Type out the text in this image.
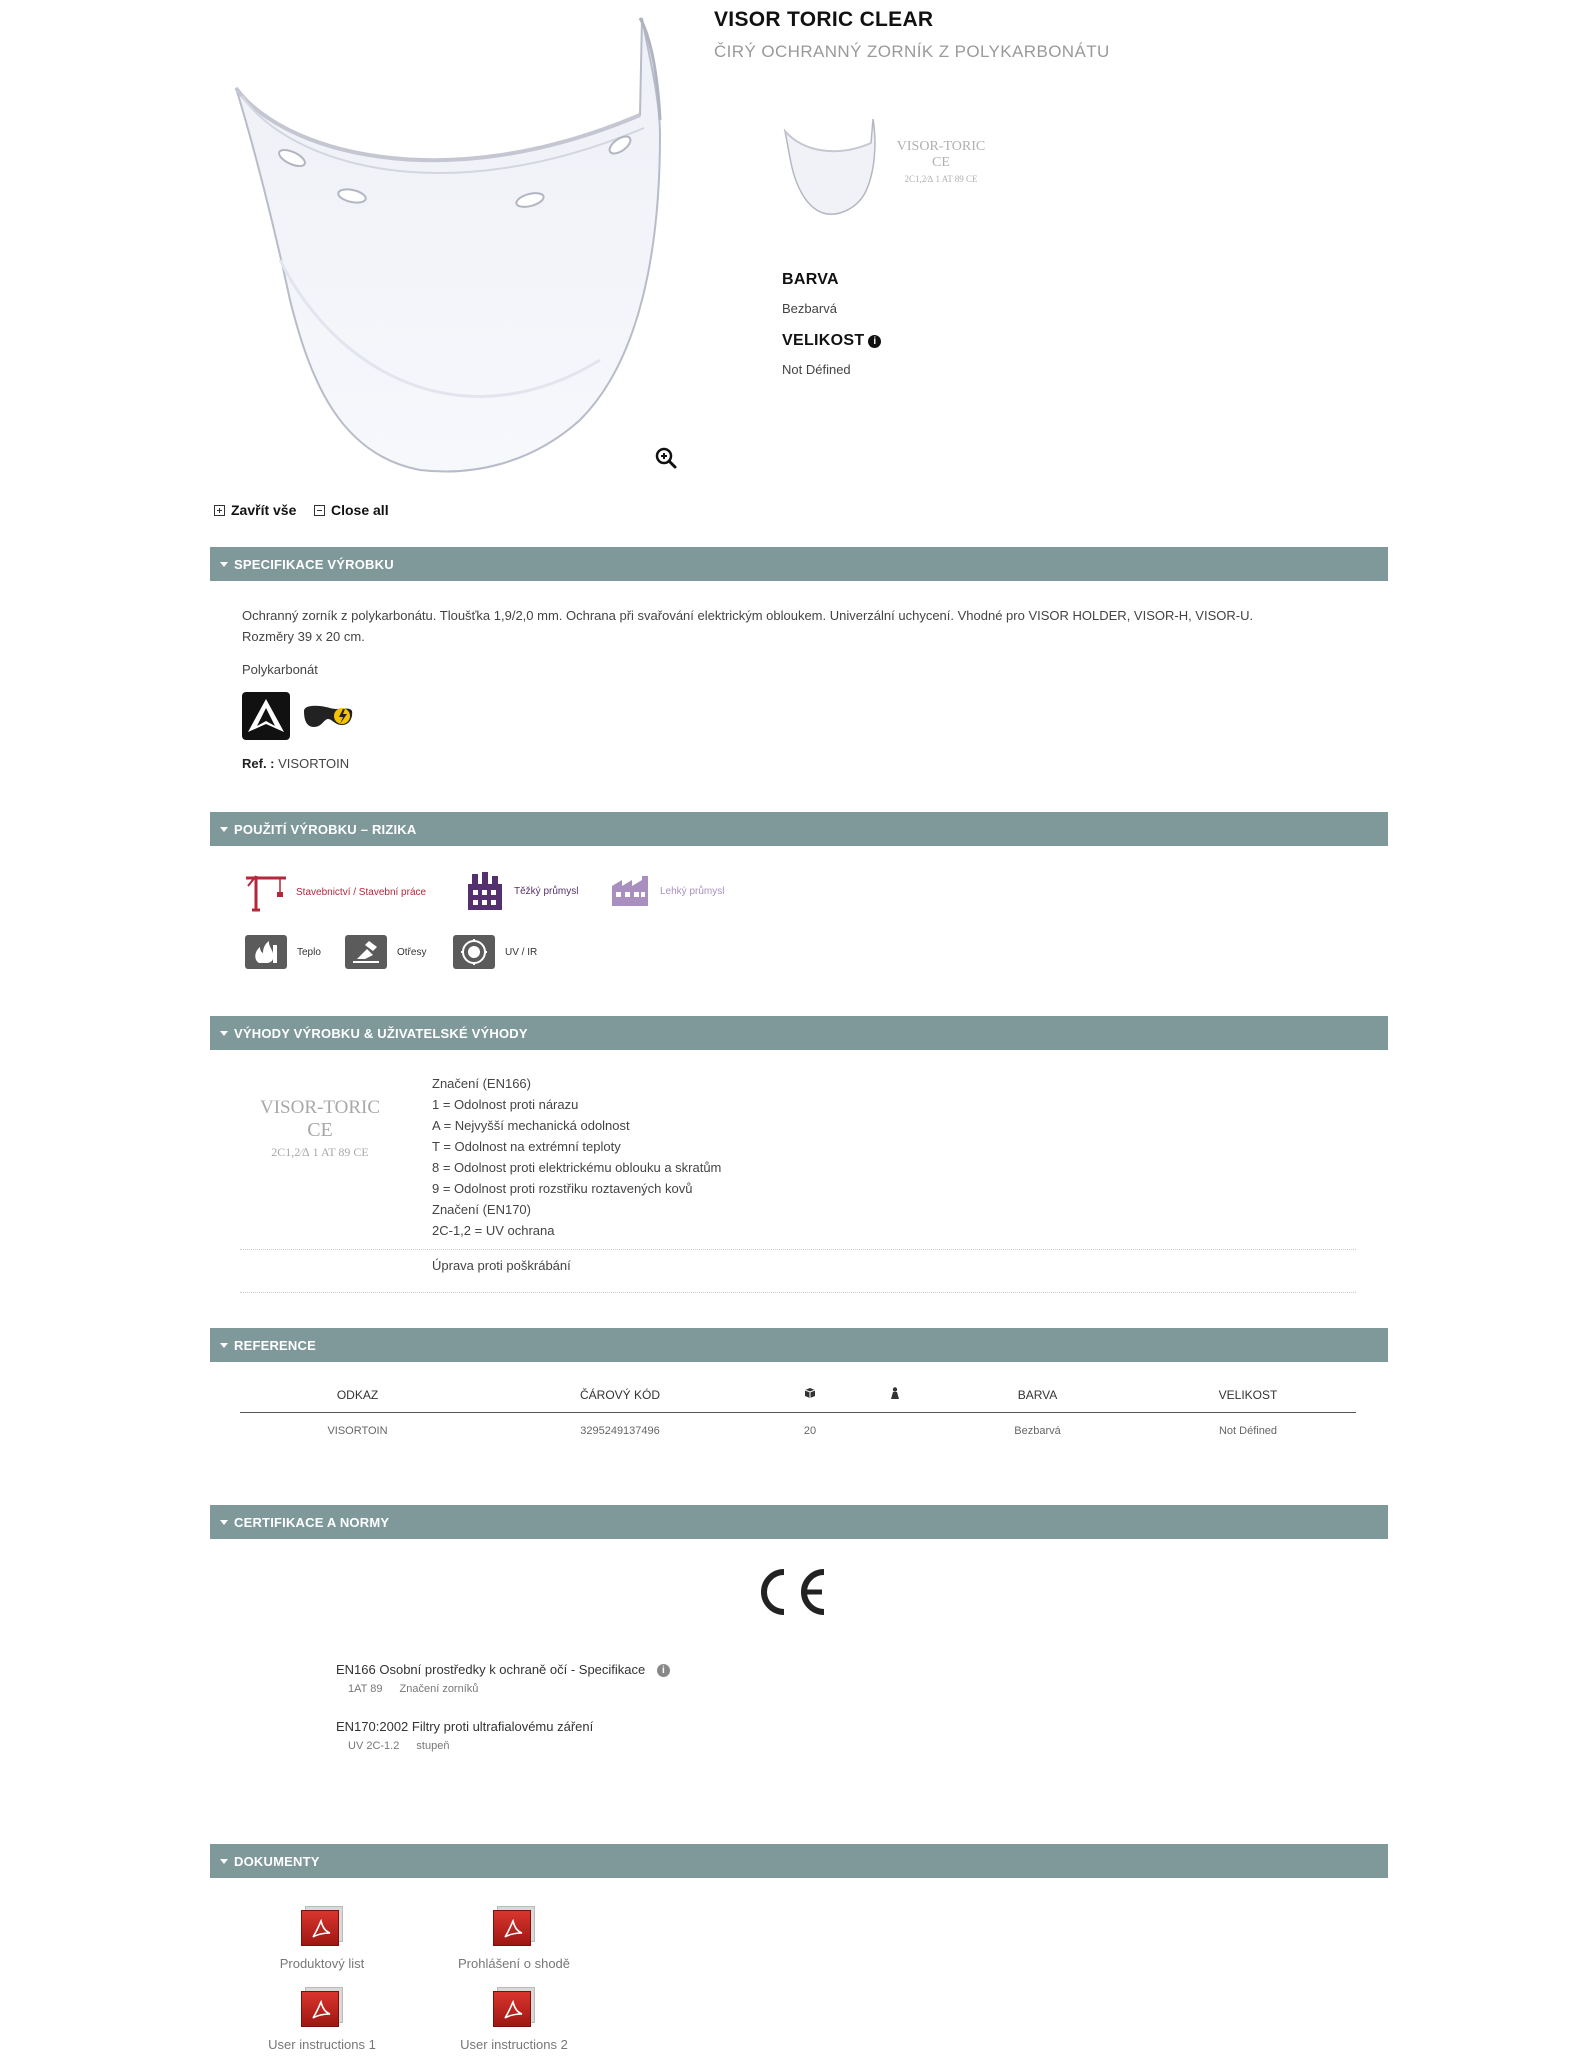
VISOR TORIC CLEAR
ČIRÝ OCHRANNÝ ZORNÍK Z POLYKARBONÁTU
VISOR-TORIC
CE
2C1,2⁄∆ 1 AT 89 CE
BARVA
Bezbarvá
VELIKOST i
Not Défined
Zavřít vše Close all
SPECIFIKACE VÝROBKU
Ochranný zorník z polykarbonátu. Tloušťka 1,9/2,0 mm. Ochrana při svařování elektrickým obloukem. Univerzální uchycení. Vhodné pro VISOR HOLDER, VISOR-H, VISOR-U.
Rozměry 39 x 20 cm.
Polykarbonát
Ref. : VISORTOIN
POUŽITÍ VÝROBKU – RIZIKA
Stavebnictví / Stavební práce	Těžký průmysl	Lehký průmysl
Teplo	Otřesy	UV / IR
VÝHODY VÝROBKU & UŽIVATELSKÉ VÝHODY
VISOR-TORIC
CE
2C1,2⁄∆ 1 AT 89 CE
Značení (EN166)
1 = Odolnost proti nárazu
A = Nejvyšší mechanická odolnost
T = Odolnost na extrémní teploty
8 = Odolnost proti elektrickému oblouku a skratům
9 = Odolnost proti rozstřiku roztavených kovů
Značení (EN170)
2C-1,2 = UV ochrana
Úprava proti poškrábání
REFERENCE
ODKAZ	ČÁROVÝ KÓD			BARVA	VELIKOST
VISORTOIN	3295249137496	20		Bezbarvá	Not Défined
CERTIFIKACE A NORMY
EN166 Osobní prostředky k ochraně očí - Specifikace i
1AT 89 Značení zorníků
EN170:2002 Filtry proti ultrafialovému záření
UV 2C-1.2 stupeň
DOKUMENTY
Produktový list	Prohlášení o shodě
User instructions 1	User instructions 2
